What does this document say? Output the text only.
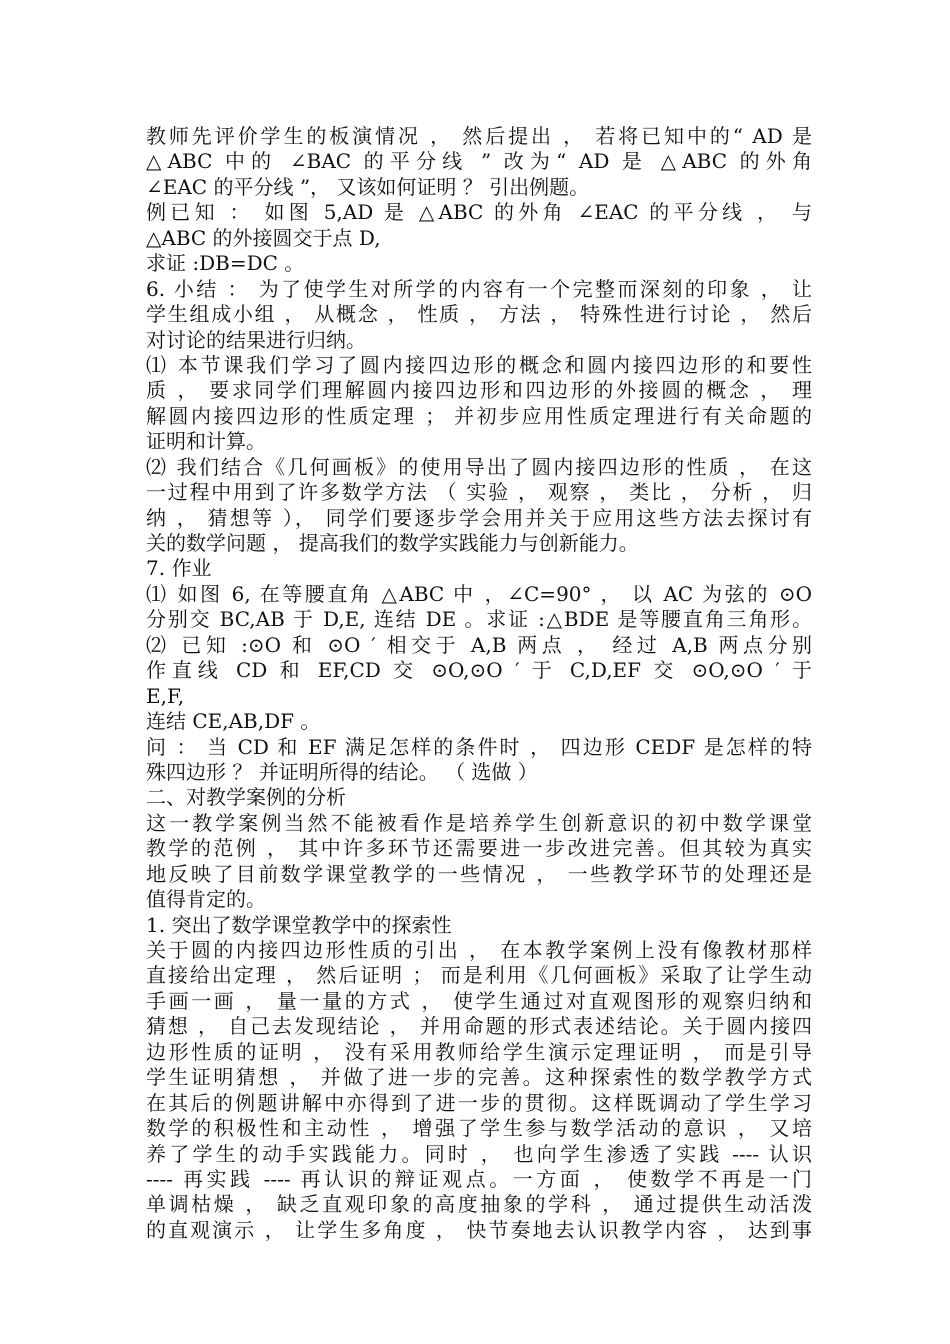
教师先评价学生的板演情况 ， 然后提出 ， 若将已知中的“ AD 是
△ABC 中的 ∠BAC 的平分线 ” 改为“ AD 是 △ABC 的外角
∠EAC 的平分线 ”， 又该如何证明 ？ 引出例题。
例已知 ： 如图 5,AD 是 △ABC 的外角 ∠EAC 的平分线 ， 与
△ABC 的外接圆交于点 D,
求证 :DB=DC 。
6. 小结 ： 为了使学生对所学的内容有一个完整而深刻的印象 ， 让
学生组成小组 ， 从概念 ， 性质 ， 方法 ， 特殊性进行讨论 ， 然后
对讨论的结果进行归纳。
⑴ 本节课我们学习了圆内接四边形的概念和圆内接四边形的和要性
质 ， 要求同学们理解圆内接四边形和四边形的外接圆的概念 ， 理
解圆内接四边形的性质定理 ； 并初步应用性质定理进行有关命题的
证明和计算。
⑵ 我们结合《几何画板》的使用导出了圆内接四边形的性质 ， 在这
一过程中用到了许多数学方法 （ 实验 ， 观察 ， 类比 ， 分析 ， 归
纳 ， 猜想等 ）， 同学们要逐步学会用并关于应用这些方法去探讨有
关的数学问题 ， 提高我们的数学实践能力与创新能力。
7. 作业
⑴ 如图 6, 在等腰直角 △ABC 中 ，∠C=90° ， 以 AC 为弦的 ⊙O
分别交 BC,AB 于 D,E, 连结 DE 。求证 :△BDE 是等腰直角三角形。
⑵ 已知 :⊙O 和 ⊙O ′ 相交于 A,B 两点 ， 经过 A,B 两点分别
作直线 CD 和 EF,CD 交 ⊙O,⊙O ′ 于 C,D,EF 交 ⊙O,⊙O ′ 于
E,F,
连结 CE,AB,DF 。
问 ： 当 CD 和 EF 满足怎样的条件时 ， 四边形 CEDF 是怎样的特
殊四边形 ？ 并证明所得的结论。 （ 选做 ）
二、对教学案例的分析
这一教学案例当然不能被看作是培养学生创新意识的初中数学课堂
教学的范例 ， 其中许多环节还需要进一步改进完善。但其较为真实
地反映了目前数学课堂教学的一些情况 ， 一些教学环节的处理还是
值得肯定的。
1. 突出了数学课堂教学中的探索性
关于圆的内接四边形性质的引出 ， 在本教学案例上没有像教材那样
直接给出定理 ， 然后证明 ； 而是利用《几何画板》采取了让学生动
手画一画 ， 量一量的方式 ， 使学生通过对直观图形的观察归纳和
猜想 ， 自己去发现结论 ， 并用命题的形式表述结论。关于圆内接四
边形性质的证明 ， 没有采用教师给学生演示定理证明 ， 而是引导
学生证明猜想 ， 并做了进一步的完善。这种探索性的数学教学方式
在其后的例题讲解中亦得到了进一步的贯彻。这样既调动了学生学习
数学的积极性和主动性 ， 增强了学生参与数学活动的意识 ， 又培
养了学生的动手实践能力。同时 ， 也向学生渗透了实践 ---- 认识
---- 再实践 ---- 再认识的辩证观点。一方面 ， 使数学不再是一门
单调枯燥 ， 缺乏直观印象的高度抽象的学科 ， 通过提供生动活泼
的直观演示 ， 让学生多角度 ， 快节奏地去认识教学内容 ， 达到事
